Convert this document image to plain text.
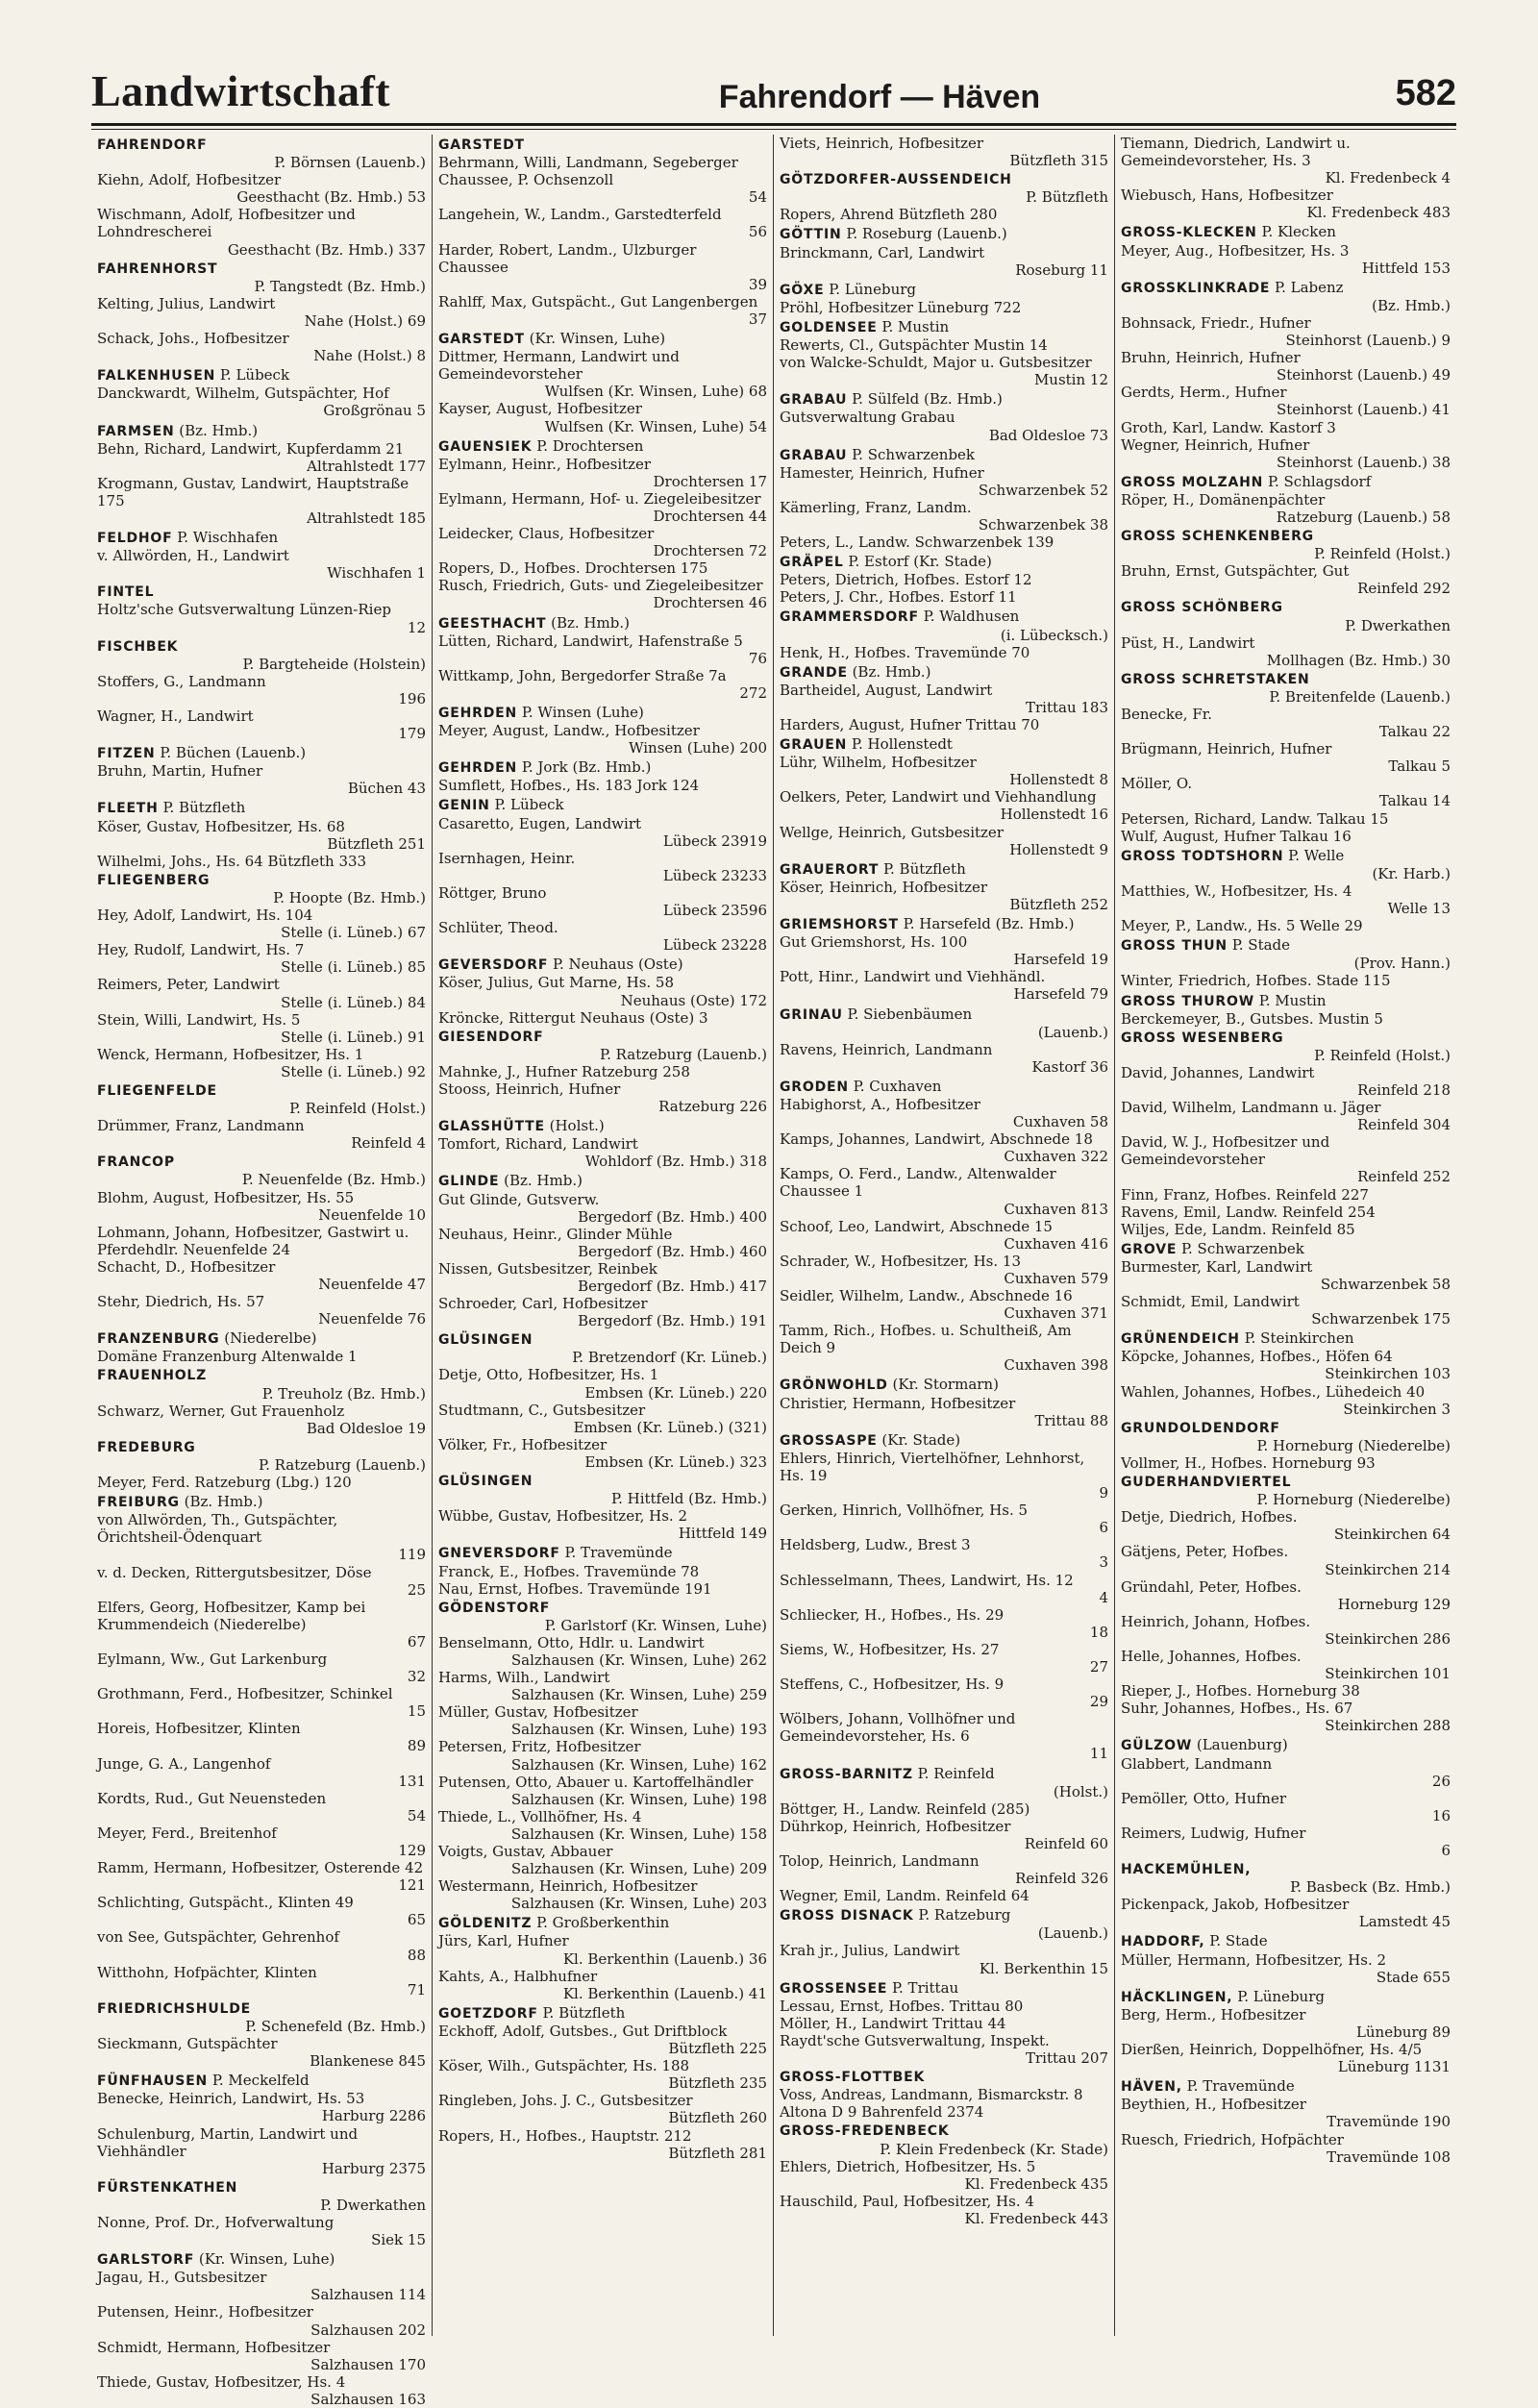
Landwirtschaft	Fahrendorf — Häven	582
FAHRENDORF
P. Börnsen (Lauenb.)
Kiehn, Adolf, Hofbesitzer
Geesthacht (Bz. Hmb.) 53
Wischmann, Adolf, Hofbesitzer und Lohndrescherei
Geesthacht (Bz. Hmb.) 337
FAHRENHORST
P. Tangstedt (Bz. Hmb.)
Kelting, Julius, Landwirt
Nahe (Holst.) 69
Schack, Johs., Hofbesitzer
Nahe (Holst.) 8
FALKENHUSEN P. Lübeck
Danckwardt, Wilhelm, Gutspächter, Hof
Großgrönau 5
FARMSEN (Bz. Hmb.)
Behn, Richard, Landwirt, Kupferdamm 21
Altrahlstedt 177
Krogmann, Gustav, Landwirt, Hauptstraße 175
Altrahlstedt 185
FELDHOF P. Wischhafen
v. Allwörden, H., Landwirt
Wischhafen 1
FINTEL
Holtz'sche Gutsverwaltung Lünzen-Riep
12
FISCHBEK
P. Bargteheide (Holstein)
Stoffers, G., Landmann
196
Wagner, H., Landwirt
179
FITZEN P. Büchen (Lauenb.)
Bruhn, Martin, Hufner
Büchen 43
FLEETH P. Bützfleth
Köser, Gustav, Hofbesitzer, Hs. 68
Bützfleth 251
Wilhelmi, Johs., Hs. 64 Bützfleth 333
FLIEGENBERG
P. Hoopte (Bz. Hmb.)
Hey, Adolf, Landwirt, Hs. 104
Stelle (i. Lüneb.) 67
Hey, Rudolf, Landwirt, Hs. 7
Stelle (i. Lüneb.) 85
Reimers, Peter, Landwirt
Stelle (i. Lüneb.) 84
Stein, Willi, Landwirt, Hs. 5
Stelle (i. Lüneb.) 91
Wenck, Hermann, Hofbesitzer, Hs. 1
Stelle (i. Lüneb.) 92
FLIEGENFELDE
P. Reinfeld (Holst.)
Drümmer, Franz, Landmann
Reinfeld 4
FRANCOP
P. Neuenfelde (Bz. Hmb.)
Blohm, August, Hofbesitzer, Hs. 55
Neuenfelde 10
Lohmann, Johann, Hofbesitzer, Gastwirt u. Pferdehdlr. Neuenfelde 24
Schacht, D., Hofbesitzer
Neuenfelde 47
Stehr, Diedrich, Hs. 57
Neuenfelde 76
FRANZENBURG (Niederelbe)
Domäne Franzenburg Altenwalde 1
FRAUENHOLZ
P. Treuholz (Bz. Hmb.)
Schwarz, Werner, Gut Frauenholz
Bad Oldesloe 19
FREDEBURG
P. Ratzeburg (Lauenb.)
Meyer, Ferd. Ratzeburg (Lbg.) 120
FREIBURG (Bz. Hmb.)
von Allwörden, Th., Gutspächter, Örichtsheil-Ödenquart
119
v. d. Decken, Rittergutsbesitzer, Döse
25
Elfers, Georg, Hofbesitzer, Kamp bei Krummendeich (Niederelbe)
67
Eylmann, Ww., Gut Larkenburg
32
Grothmann, Ferd., Hofbesitzer, Schinkel
15
Horeis, Hofbesitzer, Klinten
89
Junge, G. A., Langenhof
131
Kordts, Rud., Gut Neuensteden
54
Meyer, Ferd., Breitenhof
129
Ramm, Hermann, Hofbesitzer, Osterende 42
121
Schlichting, Gutspächt., Klinten 49
65
von See, Gutspächter, Gehrenhof
88
Witthohn, Hofpächter, Klinten
71
FRIEDRICHSHULDE
P. Schenefeld (Bz. Hmb.)
Sieckmann, Gutspächter
Blankenese 845
FÜNFHAUSEN P. Meckelfeld
Benecke, Heinrich, Landwirt, Hs. 53
Harburg 2286
Schulenburg, Martin, Landwirt und Viehhändler
Harburg 2375
FÜRSTENKATHEN
P. Dwerkathen
Nonne, Prof. Dr., Hofverwaltung
Siek 15
GARLSTORF (Kr. Winsen, Luhe)
Jagau, H., Gutsbesitzer
Salzhausen 114
Putensen, Heinr., Hofbesitzer
Salzhausen 202
Schmidt, Hermann, Hofbesitzer
Salzhausen 170
Thiede, Gustav, Hofbesitzer, Hs. 4
Salzhausen 163
GARSTEDT
Behrmann, Willi, Landmann, Segeberger Chaussee, P. Ochsenzoll
54
Langehein, W., Landm., Garstedterfeld
56
Harder, Robert, Landm., Ulzburger Chaussee
39
Rahlff, Max, Gutspächt., Gut Langenbergen
37
GARSTEDT (Kr. Winsen, Luhe)
Dittmer, Hermann, Landwirt und Gemeindevorsteher
Wulfsen (Kr. Winsen, Luhe) 68
Kayser, August, Hofbesitzer
Wulfsen (Kr. Winsen, Luhe) 54
GAUENSIEK P. Drochtersen
Eylmann, Heinr., Hofbesitzer
Drochtersen 17
Eylmann, Hermann, Hof- u. Ziegeleibesitzer
Drochtersen 44
Leidecker, Claus, Hofbesitzer
Drochtersen 72
Ropers, D., Hofbes. Drochtersen 175
Rusch, Friedrich, Guts- und Ziegeleibesitzer
Drochtersen 46
GEESTHACHT (Bz. Hmb.)
Lütten, Richard, Landwirt, Hafenstraße 5
76
Wittkamp, John, Bergedorfer Straße 7a
272
GEHRDEN P. Winsen (Luhe)
Meyer, August, Landw., Hofbesitzer
Winsen (Luhe) 200
GEHRDEN P. Jork (Bz. Hmb.)
Sumflett, Hofbes., Hs. 183 Jork 124
GENIN P. Lübeck
Casaretto, Eugen, Landwirt
Lübeck 23919
Isernhagen, Heinr.
Lübeck 23233
Röttger, Bruno
Lübeck 23596
Schlüter, Theod.
Lübeck 23228
GEVERSDORF P. Neuhaus (Oste)
Köser, Julius, Gut Marne, Hs. 58
Neuhaus (Oste) 172
Kröncke, Rittergut Neuhaus (Oste) 3
GIESENDORF
P. Ratzeburg (Lauenb.)
Mahnke, J., Hufner Ratzeburg 258
Stooss, Heinrich, Hufner
Ratzeburg 226
GLASSHÜTTE (Holst.)
Tomfort, Richard, Landwirt
Wohldorf (Bz. Hmb.) 318
GLINDE (Bz. Hmb.)
Gut Glinde, Gutsverw.
Bergedorf (Bz. Hmb.) 400
Neuhaus, Heinr., Glinder Mühle
Bergedorf (Bz. Hmb.) 460
Nissen, Gutsbesitzer, Reinbek
Bergedorf (Bz. Hmb.) 417
Schroeder, Carl, Hofbesitzer
Bergedorf (Bz. Hmb.) 191
GLÜSINGEN
P. Bretzendorf (Kr. Lüneb.)
Detje, Otto, Hofbesitzer, Hs. 1
Embsen (Kr. Lüneb.) 220
Studtmann, C., Gutsbesitzer
Embsen (Kr. Lüneb.) (321)
Völker, Fr., Hofbesitzer
Embsen (Kr. Lüneb.) 323
GLÜSINGEN
P. Hittfeld (Bz. Hmb.)
Wübbe, Gustav, Hofbesitzer, Hs. 2
Hittfeld 149
GNEVERSDORF P. Travemünde
Franck, E., Hofbes. Travemünde 78
Nau, Ernst, Hofbes. Travemünde 191
GÖDENSTORF
P. Garlstorf (Kr. Winsen, Luhe)
Benselmann, Otto, Hdlr. u. Landwirt
Salzhausen (Kr. Winsen, Luhe) 262
Harms, Wilh., Landwirt
Salzhausen (Kr. Winsen, Luhe) 259
Müller, Gustav, Hofbesitzer
Salzhausen (Kr. Winsen, Luhe) 193
Petersen, Fritz, Hofbesitzer
Salzhausen (Kr. Winsen, Luhe) 162
Putensen, Otto, Abauer u. Kartoffelhändler
Salzhausen (Kr. Winsen, Luhe) 198
Thiede, L., Vollhöfner, Hs. 4
Salzhausen (Kr. Winsen, Luhe) 158
Voigts, Gustav, Abbauer
Salzhausen (Kr. Winsen, Luhe) 209
Westermann, Heinrich, Hofbesitzer
Salzhausen (Kr. Winsen, Luhe) 203
GÖLDENITZ P. Großberkenthin
Jürs, Karl, Hufner
Kl. Berkenthin (Lauenb.) 36
Kahts, A., Halbhufner
Kl. Berkenthin (Lauenb.) 41
GOETZDORF P. Bützfleth
Eckhoff, Adolf, Gutsbes., Gut Driftblock
Bützfleth 225
Köser, Wilh., Gutspächter, Hs. 188
Bützfleth 235
Ringleben, Johs. J. C., Gutsbesitzer
Bützfleth 260
Ropers, H., Hofbes., Hauptstr. 212
Bützfleth 281
Viets, Heinrich, Hofbesitzer
Bützfleth 315
GÖTZDORFER-AUSSENDEICH
P. Bützfleth
Ropers, Ahrend Bützfleth 280
GÖTTIN P. Roseburg (Lauenb.)
Brinckmann, Carl, Landwirt
Roseburg 11
GÖXE P. Lüneburg
Pröhl, Hofbesitzer Lüneburg 722
GOLDENSEE P. Mustin
Rewerts, Cl., Gutspächter Mustin 14
von Walcke-Schuldt, Major u. Gutsbesitzer
Mustin 12
GRABAU P. Sülfeld (Bz. Hmb.)
Gutsverwaltung Grabau
Bad Oldesloe 73
GRABAU P. Schwarzenbek
Hamester, Heinrich, Hufner
Schwarzenbek 52
Kämerling, Franz, Landm.
Schwarzenbek 38
Peters, L., Landw. Schwarzenbek 139
GRÄPEL P. Estorf (Kr. Stade)
Peters, Dietrich, Hofbes. Estorf 12
Peters, J. Chr., Hofbes. Estorf 11
GRAMMERSDORF P. Waldhusen
(i. Lübecksch.)
Henk, H., Hofbes. Travemünde 70
GRANDE (Bz. Hmb.)
Bartheidel, August, Landwirt
Trittau 183
Harders, August, Hufner Trittau 70
GRAUEN P. Hollenstedt
Lühr, Wilhelm, Hofbesitzer
Hollenstedt 8
Oelkers, Peter, Landwirt und Viehhandlung
Hollenstedt 16
Wellge, Heinrich, Gutsbesitzer
Hollenstedt 9
GRAUERORT P. Bützfleth
Köser, Heinrich, Hofbesitzer
Bützfleth 252
GRIEMSHORST P. Harsefeld (Bz. Hmb.)
Gut Griemshorst, Hs. 100
Harsefeld 19
Pott, Hinr., Landwirt und Viehhändl.
Harsefeld 79
GRINAU P. Siebenbäumen
(Lauenb.)
Ravens, Heinrich, Landmann
Kastorf 36
GRODEN P. Cuxhaven
Habighorst, A., Hofbesitzer
Cuxhaven 58
Kamps, Johannes, Landwirt, Abschnede 18
Cuxhaven 322
Kamps, O. Ferd., Landw., Altenwalder Chaussee 1
Cuxhaven 813
Schoof, Leo, Landwirt, Abschnede 15
Cuxhaven 416
Schrader, W., Hofbesitzer, Hs. 13
Cuxhaven 579
Seidler, Wilhelm, Landw., Abschnede 16
Cuxhaven 371
Tamm, Rich., Hofbes. u. Schultheiß, Am Deich 9
Cuxhaven 398
GRÖNWOHLD (Kr. Stormarn)
Christier, Hermann, Hofbesitzer
Trittau 88
GROSSASPE (Kr. Stade)
Ehlers, Hinrich, Viertelhöfner, Lehnhorst, Hs. 19
9
Gerken, Hinrich, Vollhöfner, Hs. 5
6
Heldsberg, Ludw., Brest 3
3
Schlesselmann, Thees, Landwirt, Hs. 12
4
Schliecker, H., Hofbes., Hs. 29
18
Siems, W., Hofbesitzer, Hs. 27
27
Steffens, C., Hofbesitzer, Hs. 9
29
Wölbers, Johann, Vollhöfner und Gemeindevorsteher, Hs. 6
11
GROSS-BARNITZ P. Reinfeld
(Holst.)
Böttger, H., Landw. Reinfeld (285)
Dührkop, Heinrich, Hofbesitzer
Reinfeld 60
Tolop, Heinrich, Landmann
Reinfeld 326
Wegner, Emil, Landm. Reinfeld 64
GROSS DISNACK P. Ratzeburg
(Lauenb.)
Krah jr., Julius, Landwirt
Kl. Berkenthin 15
GROSSENSEE P. Trittau
Lessau, Ernst, Hofbes. Trittau 80
Möller, H., Landwirt Trittau 44
Raydt'sche Gutsverwaltung, Inspekt.
Trittau 207
GROSS-FLOTTBEK
Voss, Andreas, Landmann, Bismarckstr. 8 Altona D 9 Bahrenfeld 2374
GROSS-FREDENBECK
P. Klein Fredenbeck (Kr. Stade)
Ehlers, Dietrich, Hofbesitzer, Hs. 5
Kl. Fredenbeck 435
Hauschild, Paul, Hofbesitzer, Hs. 4
Kl. Fredenbeck 443
Tiemann, Diedrich, Landwirt u. Gemeindevorsteher, Hs. 3
Kl. Fredenbeck 4
Wiebusch, Hans, Hofbesitzer
Kl. Fredenbeck 483
GROSS-KLECKEN P. Klecken
Meyer, Aug., Hofbesitzer, Hs. 3
Hittfeld 153
GROSSKLINKRADE P. Labenz
(Bz. Hmb.)
Bohnsack, Friedr., Hufner
Steinhorst (Lauenb.) 9
Bruhn, Heinrich, Hufner
Steinhorst (Lauenb.) 49
Gerdts, Herm., Hufner
Steinhorst (Lauenb.) 41
Groth, Karl, Landw. Kastorf 3
Wegner, Heinrich, Hufner
Steinhorst (Lauenb.) 38
GROSS MOLZAHN P. Schlagsdorf
Röper, H., Domänenpächter
Ratzeburg (Lauenb.) 58
GROSS SCHENKENBERG
P. Reinfeld (Holst.)
Bruhn, Ernst, Gutspächter, Gut
Reinfeld 292
GROSS SCHÖNBERG
P. Dwerkathen
Püst, H., Landwirt
Mollhagen (Bz. Hmb.) 30
GROSS SCHRETSTAKEN
P. Breitenfelde (Lauenb.)
Benecke, Fr.
Talkau 22
Brügmann, Heinrich, Hufner
Talkau 5
Möller, O.
Talkau 14
Petersen, Richard, Landw. Talkau 15
Wulf, August, Hufner Talkau 16
GROSS TODTSHORN P. Welle
(Kr. Harb.)
Matthies, W., Hofbesitzer, Hs. 4
Welle 13
Meyer, P., Landw., Hs. 5 Welle 29
GROSS THUN P. Stade
(Prov. Hann.)
Winter, Friedrich, Hofbes. Stade 115
GROSS THUROW P. Mustin
Berckemeyer, B., Gutsbes. Mustin 5
GROSS WESENBERG
P. Reinfeld (Holst.)
David, Johannes, Landwirt
Reinfeld 218
David, Wilhelm, Landmann u. Jäger
Reinfeld 304
David, W. J., Hofbesitzer und Gemeindevorsteher
Reinfeld 252
Finn, Franz, Hofbes. Reinfeld 227
Ravens, Emil, Landw. Reinfeld 254
Wiljes, Ede, Landm. Reinfeld 85
GROVE P. Schwarzenbek
Burmester, Karl, Landwirt
Schwarzenbek 58
Schmidt, Emil, Landwirt
Schwarzenbek 175
GRÜNENDEICH P. Steinkirchen
Köpcke, Johannes, Hofbes., Höfen 64
Steinkirchen 103
Wahlen, Johannes, Hofbes., Lühedeich 40
Steinkirchen 3
GRUNDOLDENDORF
P. Horneburg (Niederelbe)
Vollmer, H., Hofbes. Horneburg 93
GUDERHANDVIERTEL
P. Horneburg (Niederelbe)
Detje, Diedrich, Hofbes.
Steinkirchen 64
Gätjens, Peter, Hofbes.
Steinkirchen 214
Gründahl, Peter, Hofbes.
Horneburg 129
Heinrich, Johann, Hofbes.
Steinkirchen 286
Helle, Johannes, Hofbes.
Steinkirchen 101
Rieper, J., Hofbes. Horneburg 38
Suhr, Johannes, Hofbes., Hs. 67
Steinkirchen 288
GÜLZOW (Lauenburg)
Glabbert, Landmann
26
Pemöller, Otto, Hufner
16
Reimers, Ludwig, Hufner
6
HACKEMÜHLEN,
P. Basbeck (Bz. Hmb.)
Pickenpack, Jakob, Hofbesitzer
Lamstedt 45
HADDORF, P. Stade
Müller, Hermann, Hofbesitzer, Hs. 2
Stade 655
HÄCKLINGEN, P. Lüneburg
Berg, Herm., Hofbesitzer
Lüneburg 89
Dierßen, Heinrich, Doppelhöfner, Hs. 4/5
Lüneburg 1131
HÄVEN, P. Travemünde
Beythien, H., Hofbesitzer
Travemünde 190
Ruesch, Friedrich, Hofpächter
Travemünde 108
